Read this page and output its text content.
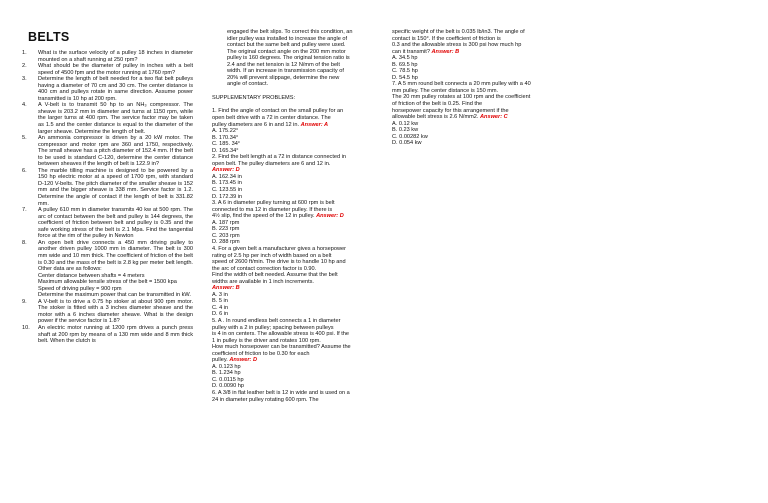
BELTS
1.	What is the surface velocity of a pulley 18 inches in diameter mounted on a shaft running at 250 rpm?
2.	What should be the diameter of pulley in inches with a belt speed of 4500 fpm and the motor running at 1760 rpm?
3.	Determine the length of belt needed for a two flat belt pulleys having a diameter of 70 cm and 30 cm. The center distance is 400 cm and pulleys rotate in same direction. Assume power transmitted is 10 hp at 200 rpm.
4.	A V-belt is to transmit 50 hp to an NH₃ compressor. The sheave is 203.2 mm in diameter and turns at 1150 rpm, while the larger turns at 400 rpm. The service factor may be taken as 1.5 and the center distance is equal to the diameter of the larger sheave. Determine the length of belt.
5.	An ammonia compressor is driven by a 20 kW motor. The compressor and motor rpm are 360 and 1750, respectively. The small sheave has a pitch diameter of 152.4 mm. If the belt to be used is standard C-120, determine the center distance between sheaves if the length of belt is 122.9 in?
6.	The marble tilling machine is designed to be powered by a 150 hp electric motor at a speed of 1700 rpm, with standard D-120 V-belts. The pitch diameter of the smaller sheave is 152 mm and the bigger sheave is 338 mm. Service factor is 1.2. Determine the angle of contact if the length of belt is 331.82 mm.
7.	A pulley 610 mm in diameter transmits 40 kw at 500 rpm. The arc of contact between the belt and pulley is 144 degrees, the coefficient of friction between belt and pulley is 0.35 and the safe working stress of the belt is 2.1 Mpa. Find the tangential force at the rim of the pulley in Newton
8.	An open belt drive connects a 450 mm driving pulley to another driven pulley 1000 mm in diameter. The belt is 300 mm wide and 10 mm thick. The coefficient of friction of the belt is 0.30 and the mass of the belt is 2.8 kg per meter belt length. Other data are as follows:
Center distance between shafts = 4 meters
Maximum allowable tensile stress of the belt = 1500 kpa
Speed of driving pulley = 900 rpm
Determine the maximum power that can be transmitted in kW.
9.	A V-belt is to drive a 0.75 hp stoker at about 900 rpm motor. The stoker is fitted with a 3 inches diameter sheave and the motor with a 6 inches diameter sheave. What is the design power if the service factor is 1.8?
10.	An electric motor running at 1200 rpm drives a punch press shaft at 200 rpm by means of a 130 mm wide and 8 mm thick belt. When the clutch is

engaged the belt slips. To correct this condition, an

idler pulley was installed to increase the angle of

contact but the same belt and pulley were used.

The original contact angle on the 200 mm motor

pulley is 160 degrees. The original tension ratio is

2.4 and the net tension is 12 N/mm of the belt

width. If an increase in transmission capacity of

20% will prevent slippage, determine the new

angle of contact.

SUPPLEMENTARY PROBLEMS:

1. Find the angle of contact on the small pulley for an

open belt drive with a 72 in center distance. The

pulley diameters are 6 in and 12 in. Answer: A

A. 175.22°

B. 170.34°

C. 185. 34°

D. 165.34°

2. Find the belt length at a 72 in distance connected in

open belt. The pulley diameters are 6 and 12 in.

Answer: D

A. 162.34 in

B. 173.45 in

C. 123.55 in

D. 172.39 in

3. A 6 in diameter pulley turning at 600 rpm is belt

connected to ma 12 in diameter pulley. If there is

4½ slip, find the speed of the 12 in pulley. Answer: D

A. 187 rpm

B. 223 rpm

C. 203 rpm

D. 288 rpm

4. For a given belt a manufacturer gives a horsepower

rating of 2.5 hp per inch of width based on a belt

speed of 2600 ft/min. The drive is to handle 10 hp and

the arc of contact correction factor is 0.90.

Find the width of belt needed. Assume that the belt

widths are available in 1 inch increments.

Answer: B

A. 3 in

B. 5 in

C. 4 in

D. 6 in

5. A . In round endless belt connects a 1 in diameter

pulley with a 2 in pulley; spacing between pulleys

is 4 in on centers. The allowable stress is 400 psi. If the

1 in pulley is the driver and rotates 100 rpm.

How much horsepower can be transmitted? Assume the

coefficient of friction to be 0.30 for each

pulley. Answer: D

A. 0.123 hp

B. 1.234 hp

C. 0.0115 hp

D. 0.0090 hp

6. A 3/8 in flat leather belt is 12 in wide and is used on a

24 in diameter pulley rotating 600 rpm. The

specific weight of the belt is 0.035 lb/in3. The angle of

contact is 150°. If the coefficient of friction is

0.3 and the allowable stress is 300 psi how much hp

can it transmit? Answer: B

A. 34.5 hp

B. 69.5 hp

C. 78.5 hp

D. 54.5 hp

7. A 5 mm round belt connects a 20 mm pulley with a 40

mm pulley. The center distance is 150 mm.

The 20 mm pulley rotates at 100 rpm and the coefficient

of friction of the belt is 0.25. Find the

horsepower capacity for this arrangement if the

allowable belt stress is 2.6 N/mm2. Answer: C

A. 0.12 kw

B. 0.23 kw

C. 0.00282 kw

D. 0.054 kw
